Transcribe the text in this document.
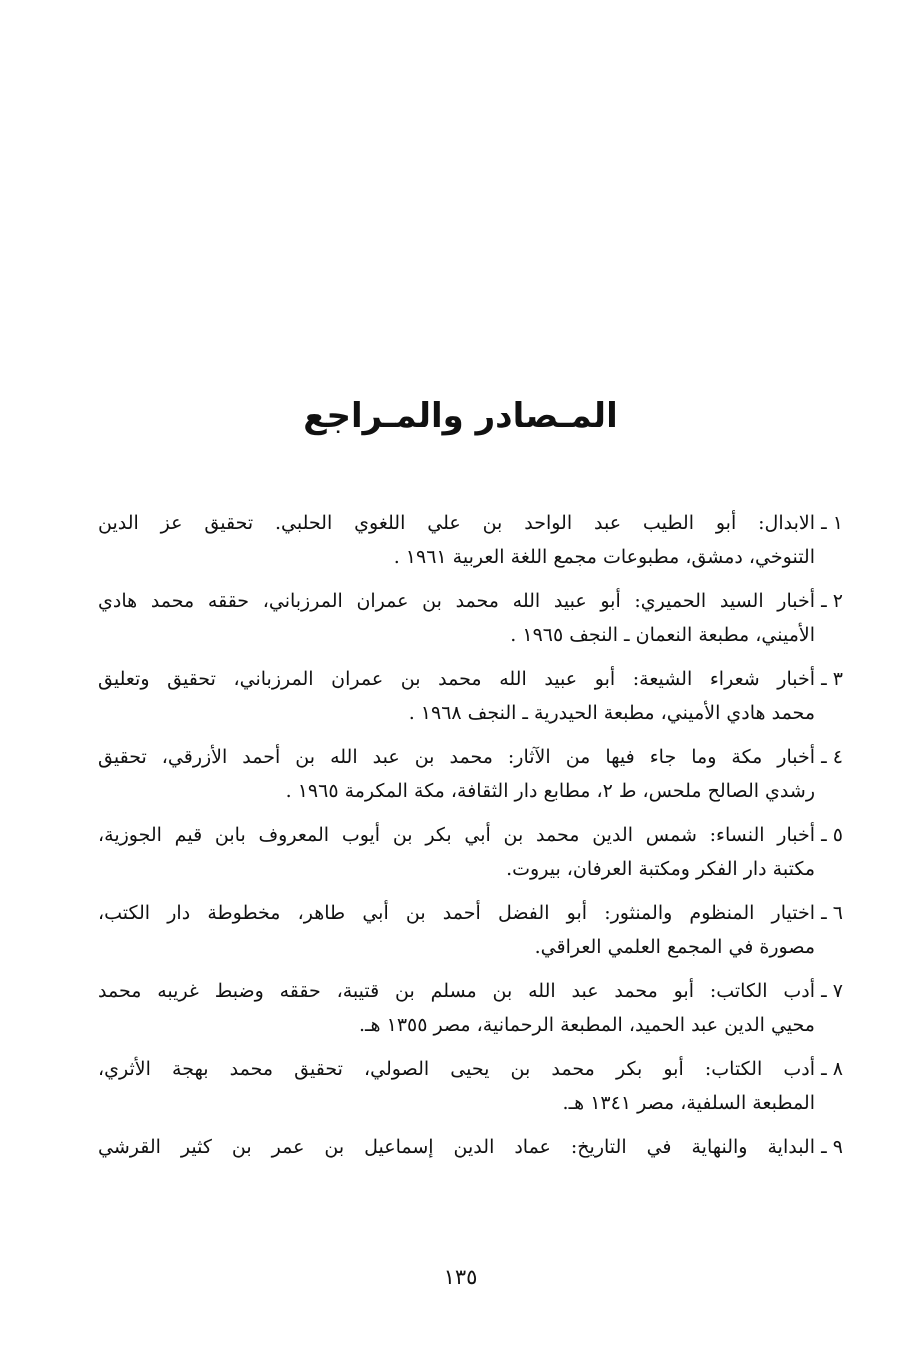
المـصادر والمـراجع
١ ـ
الابدال: أبو الطيب عبد الواحد بن علي اللغوي الحلبي. تحقيق عز الدين
التنوخي، دمشق، مطبوعات مجمع اللغة العربية ١٩٦١ .
٢ ـ
أخبار السيد الحميري: أبو عبيد الله محمد بن عمران المرزباني، حققه محمد هادي
الأميني، مطبعة النعمان ـ النجف ١٩٦٥ .
٣ ـ
أخبار شعراء الشيعة: أبو عبيد الله محمد بن عمران المرزباني، تحقيق وتعليق
محمد هادي الأميني، مطبعة الحيدرية ـ النجف ١٩٦٨ .
٤ ـ
أخبار مكة وما جاء فيها من الآثار: محمد بن عبد الله بن أحمد الأزرقي، تحقيق
رشدي الصالح ملحس، ط ٢، مطابع دار الثقافة، مكة المكرمة ١٩٦٥ .
٥ ـ
أخبار النساء: شمس الدين محمد بن أبي بكر بن أيوب المعروف بابن قيم الجوزية،
مكتبة دار الفكر ومكتبة العرفان، بيروت.
٦ ـ
اختيار المنظوم والمنثور: أبو الفضل أحمد بن أبي طاهر، مخطوطة دار الكتب،
مصورة في المجمع العلمي العراقي.
٧ ـ
أدب الكاتب: أبو محمد عبد الله بن مسلم بن قتيبة، حققه وضبط غريبه محمد
محيي الدين عبد الحميد، المطبعة الرحمانية، مصر ١٣٥٥ هـ.
٨ ـ
أدب الكتاب: أبو بكر محمد بن يحيى الصولي، تحقيق محمد بهجة الأثري،
المطبعة السلفية، مصر ١٣٤١ هـ.
٩ ـ
البداية والنهاية في التاريخ: عماد الدين إسماعيل بن عمر بن كثير القرشي
١٣٥
